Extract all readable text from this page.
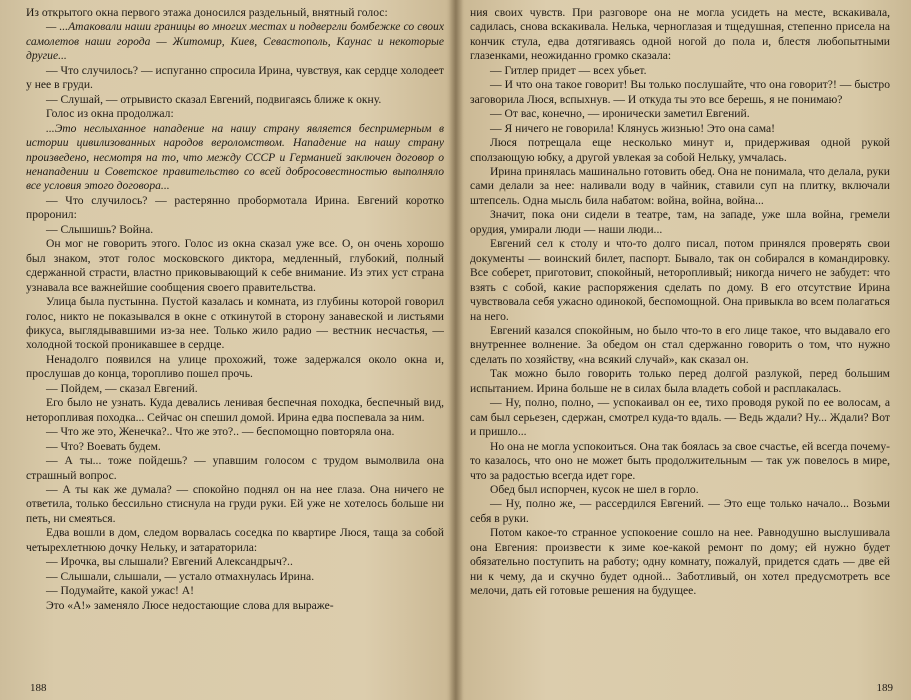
Из открытого окна первого этажа доносился раздельный, внятный голос:

— ...Атаковали наши границы во многих местах и подвергли бомбежке со своих самолетов наши города — Житомир, Киев, Севастополь, Каунас и некоторые другие...

— Что случилось? — испуганно спросила Ирина, чувствуя, как сердце холодеет у нее в груди.

— Слушай, — отрывисто сказал Евгений, подвигаясь ближе к окну.

Голос из окна продолжал:

...Это неслыханное нападение на нашу страну является беспримерным в истории цивилизованных народов вероломством. Нападение на нашу страну произведено, несмотря на то, что между СССР и Германией заключен договор о ненападении и Советское правительство со всей добросовестностью выполняло все условия этого договора...

— Что случилось? — растерянно пробормотала Ирина. Евгений коротко проронил:

— Слышишь? Война.

Он мог не говорить этого. Голос из окна сказал уже все. О, он очень хорошо был знаком, этот голос московского диктора, медленный, глубокий, полный сдержанной страсти, властно приковывающий к себе внимание. Из этих уст страна узнавала все важнейшие сообщения своего правительства.

Улица была пустынна. Пустой казалась и комната, из глубины которой говорил голос, никто не показывался в окне с откинутой в сторону занавеской и листьями фикуса, выглядывавшими из-за нее. Только жило радио — вестник несчастья, — холодной тоской проникавшее в сердце.

Ненадолго появился на улице прохожий, тоже задержался около окна и, прослушав до конца, торопливо пошел прочь.

— Пойдем, — сказал Евгений.

Его было не узнать. Куда девались ленивая беспечная походка, беспечный вид, неторопливая походка... Сейчас он спешил домой. Ирина едва поспевала за ним.

— Что же это, Женечка?.. Что же это?.. — беспомощно повторяла она.

— Что? Воевать будем.

— А ты... тоже пойдешь? — упавшим голосом с трудом вымолвила она страшный вопрос.

— А ты как же думала? — спокойно поднял он на нее глаза. Она ничего не ответила, только бессильно стиснула на груди руки. Ей уже не хотелось больше ни петь, ни смеяться.

Едва вошли в дом, следом ворвалась соседка по квартире Люся, таща за собой четырехлетнюю дочку Нельку, и затараторила:

— Ирочка, вы слышали? Евгений Александрыч?..

— Слышали, слышали, — устало отмахнулась Ирина.

— Подумайте, какой ужас! А!

Это «А!» заменяло Люсе недостающие слова для выраже-

ния своих чувств. При разговоре она не могла усидеть на месте, вскакивала, садилась, снова вскакивала. Нелька, черноглазая и тщедушная, степенно присела на кончик стула, едва дотягиваясь одной ногой до пола и, блестя любопытными глазенками, неожиданно громко сказала:

— Гитлер придет — всех убьет.

— И что она такое говорит! Вы только послушайте, что она говорит?! — быстро заговорила Люся, вспыхнув. — И откуда ты это все берешь, я не понимаю?

— От вас, конечно, — иронически заметил Евгений.

— Я ничего не говорила! Клянусь жизнью! Это она сама!

Люся потрещала еще несколько минут и, придерживая одной рукой сползающую юбку, а другой увлекая за собой Нельку, умчалась.

Ирина принялась машинально готовить обед. Она не понимала, что делала, руки сами делали за нее: наливали воду в чайник, ставили суп на плитку, включали штепсель. Одна мысль била набатом: война, война, война...

Значит, пока они сидели в театре, там, на западе, уже шла война, гремели орудия, умирали люди — наши люди...

Евгений сел к столу и что-то долго писал, потом принялся проверять свои документы — воинский билет, паспорт. Бывало, так он собирался в командировку. Все соберет, приготовит, спокойный, неторопливый; никогда ничего не забудет: что взять с собой, какие распоряжения сделать по дому. В его отсутствие Ирина чувствовала себя ужасно одинокой, беспомощной. Она привыкла во всем полагаться на него.

Евгений казался спокойным, но было что-то в его лице такое, что выдавало его внутреннее волнение. За обедом он стал сдержанно говорить о том, что нужно сделать по хозяйству, «на всякий случай», как сказал он.

Так можно было говорить только перед долгой разлукой, перед большим испытанием. Ирина больше не в силах была владеть собой и расплакалась.

— Ну, полно, полно, — успокаивал он ее, тихо проводя рукой по ее волосам, а сам был серьезен, сдержан, смотрел куда-то вдаль. — Ведь ждали? Ну... Ждали? Вот и пришло...

Но она не могла успокоиться. Она так боялась за свое счастье, ей всегда почему-то казалось, что оно не может быть продолжительным — так уж повелось в мире, что за радостью всегда идет горе.

Обед был испорчен, кусок не шел в горло.

— Ну, полно же, — рассердился Евгений. — Это еще только начало... Возьми себя в руки.

Потом какое-то странное успокоение сошло на нее. Равнодушно выслушивала она Евгения: произвести к зиме кое-какой ремонт по дому; ей нужно будет обязательно поступить на работу; одну комнату, пожалуй, придется сдать — две ей ни к чему, да и скучно будет одной... Заботливый, он хотел предусмотреть все мелочи, дать ей готовые решения на будущее.

188	189
